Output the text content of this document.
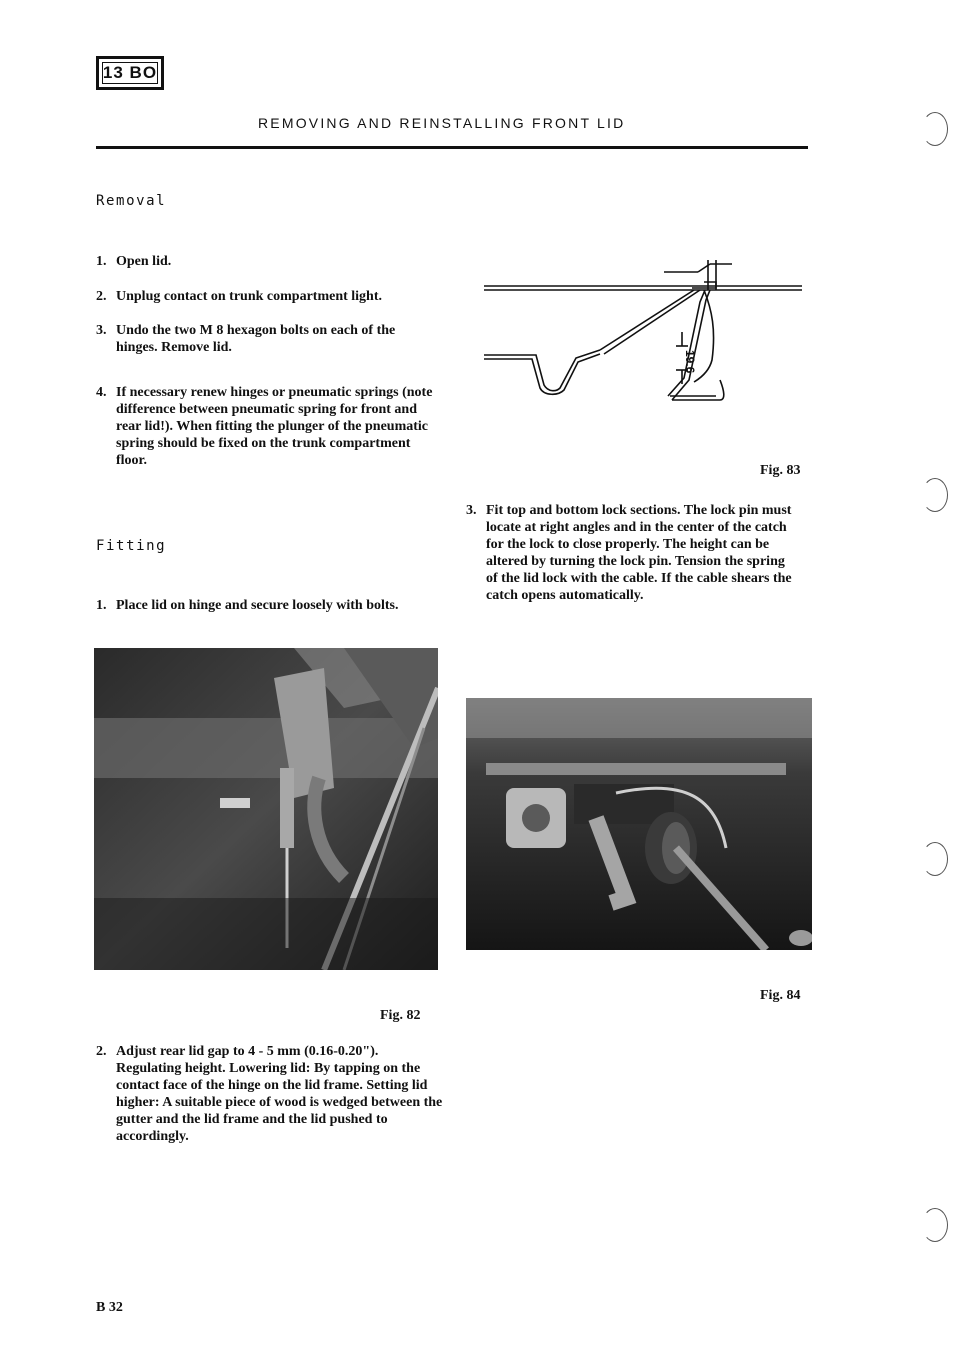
13 BO
REMOVING AND REINSTALLING FRONT LID
Removal
1. Open lid.
2. Unplug contact on trunk compartment light.
3. Undo the two M 8 hexagon bolts on each of the hinges. Remove lid.
4. If necessary renew hinges or pneumatic springs (note difference between pneumatic spring for front and rear lid!). When fitting the plunger of the pneumatic spring should be fixed on the trunk compartment floor.
Fitting
1. Place lid on hinge and secure loosely with bolts.
Fig. 82
2. Adjust rear lid gap to 4 - 5 mm (0.16-0.20"). Regulating height. Lowering lid: By tapping on the contact face of the hinge on the lid frame. Setting lid higher: A suitable piece of wood is wedged between the gutter and the lid frame and the lid pushed to accordingly.
19.6
Fig. 83
3. Fit top and bottom lock sections. The lock pin must locate at right angles and in the center of the catch for the lock to close properly. The height can be altered by turning the lock pin. Tension the spring of the lid lock with the cable. If the cable shears the catch opens automatically.
Fig. 84
B 32
